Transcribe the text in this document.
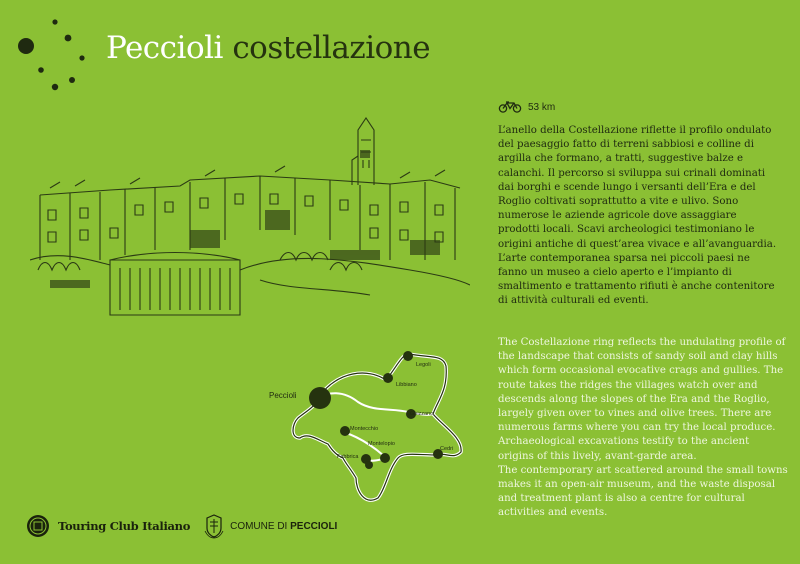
Peccioli costellazione
53 km

L’anello della Costellazione riflette il profilo ondulato del paesaggio fatto di terreni sabbiosi e colline di argilla che formano, a tratti, suggestive balze e calanchi. Il percorso si sviluppa sui crinali dominati dai borghi e scende lungo i versanti dell’Era e del Roglio coltivati soprattutto a vite e ulivo. Sono numerose le aziende agricole dove assaggiare prodotti locali. Scavi archeologici testimoniano le origini antiche di quest’area vivace e all’avanguardia. L’arte contemporanea sparsa nei piccoli paesi ne fanno un museo a cielo aperto e l’impianto di smaltimento e trattamento rifiuti è anche contenitore di attività culturali ed eventi.

The Costellazione ring reflects the undulating profile of the landscape that consists of sandy soil and clay hills which form occasional evocative crags and gullies. The route takes the ridges the villages watch over and descends along the slopes of the Era and the Roglio, largely given over to vines and olive trees. There are numerous farms where you can try the local produce. Archaeological excavations testify to the ancient origins of this lively, avant-garde area.
The contemporary art scattered around the small towns makes it an open-air museum, and the waste disposal and treatment plant is also a centre for cultural activities and events.
Peccioli
Legoli
Libbiano
Ghizzano
Montecchio
Montelopio
Fabbrica
Cedri
Touring Club Italiano	COMUNE DI PECCIOLI
